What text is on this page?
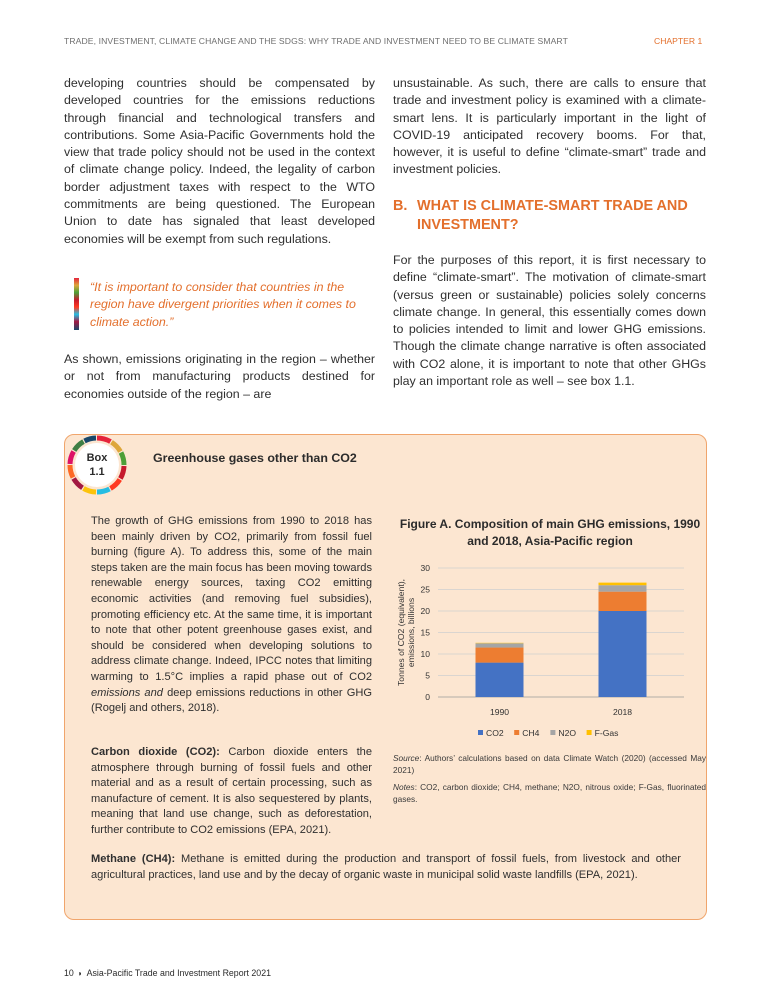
TRADE, INVESTMENT, CLIMATE CHANGE AND THE SDGS: WHY TRADE AND INVESTMENT NEED TO BE CLIMATE SMART	CHAPTER 1

developing countries should be compensated by developed countries for the emissions reductions through financial and technological transfers and contributions. Some Asia-Pacific Governments hold the view that trade policy should not be used in the context of climate change policy. Indeed, the legality of carbon border adjustment taxes with respect to the WTO commitments are being questioned. The European Union to date has signaled that least developed economies will be exempt from such regulations.

“It is important to consider that countries in the region have divergent priorities when it comes to climate action.”

As shown, emissions originating in the region – whether or not from manufacturing products destined for economies outside of the region – are

unsustainable. As such, there are calls to ensure that trade and investment policy is examined with a climate-smart lens. It is particularly important in the light of COVID-19 anticipated recovery booms. For that, however, it is useful to define “climate-smart” trade and investment policies.

B. WHAT IS CLIMATE-SMART TRADE AND INVESTMENT?

For the purposes of this report, it is first necessary to define “climate-smart”. The motivation of climate-smart (versus green or sustainable) policies solely concerns climate change. In general, this essentially comes down to policies intended to limit and lower GHG emissions. Though the climate change narrative is often associated with CO2 alone, it is important to note that other GHGs play an important role as well – see box 1.1.

Box
1.1
Greenhouse gases other than CO2

The growth of GHG emissions from 1990 to 2018 has been mainly driven by CO2, primarily from fossil fuel burning (figure A). To address this, some of the main steps taken are the main focus has been moving towards renewable energy sources, taxing CO2 emitting economic activities (and removing fuel subsidies), promoting efficiency etc. At the same time, it is important to note that other potent greenhouse gases exist, and should be considered when developing solutions to address climate change. Indeed, IPCC notes that limiting warming to 1.5°C implies a rapid phase out of CO2 emissions and deep emissions reductions in other GHG (Rogelj and others, 2018).

Carbon dioxide (CO2): Carbon dioxide enters the atmosphere through burning of fossil fuels and other material and as a result of certain processing, such as manufacture of cement. It is also sequestered by plants, meaning that land use change, such as deforestation, further contribute to CO2 emissions (EPA, 2021).

Methane (CH4): Methane is emitted during the production and transport of fossil fuels, from livestock and other agricultural practices, land use and by the decay of organic waste in municipal solid waste landfills (EPA, 2021).

Figure A. Composition of main GHG emissions, 1990 and 2018, Asia-Pacific region
0
5
10
15
20
25
30
Tonnes of CO2 (equivalent),emissions, billions
1990	2018
CO2 CH4 N2O F-Gas

Source: Authors’ calculations based on data Climate Watch (2020) (accessed May 2021)

Notes: CO2, carbon dioxide; CH4, methane; N2O, nitrous oxide; F-Gas, fluorinated gases.

10 ◗ Asia-Pacific Trade and Investment Report 2021
